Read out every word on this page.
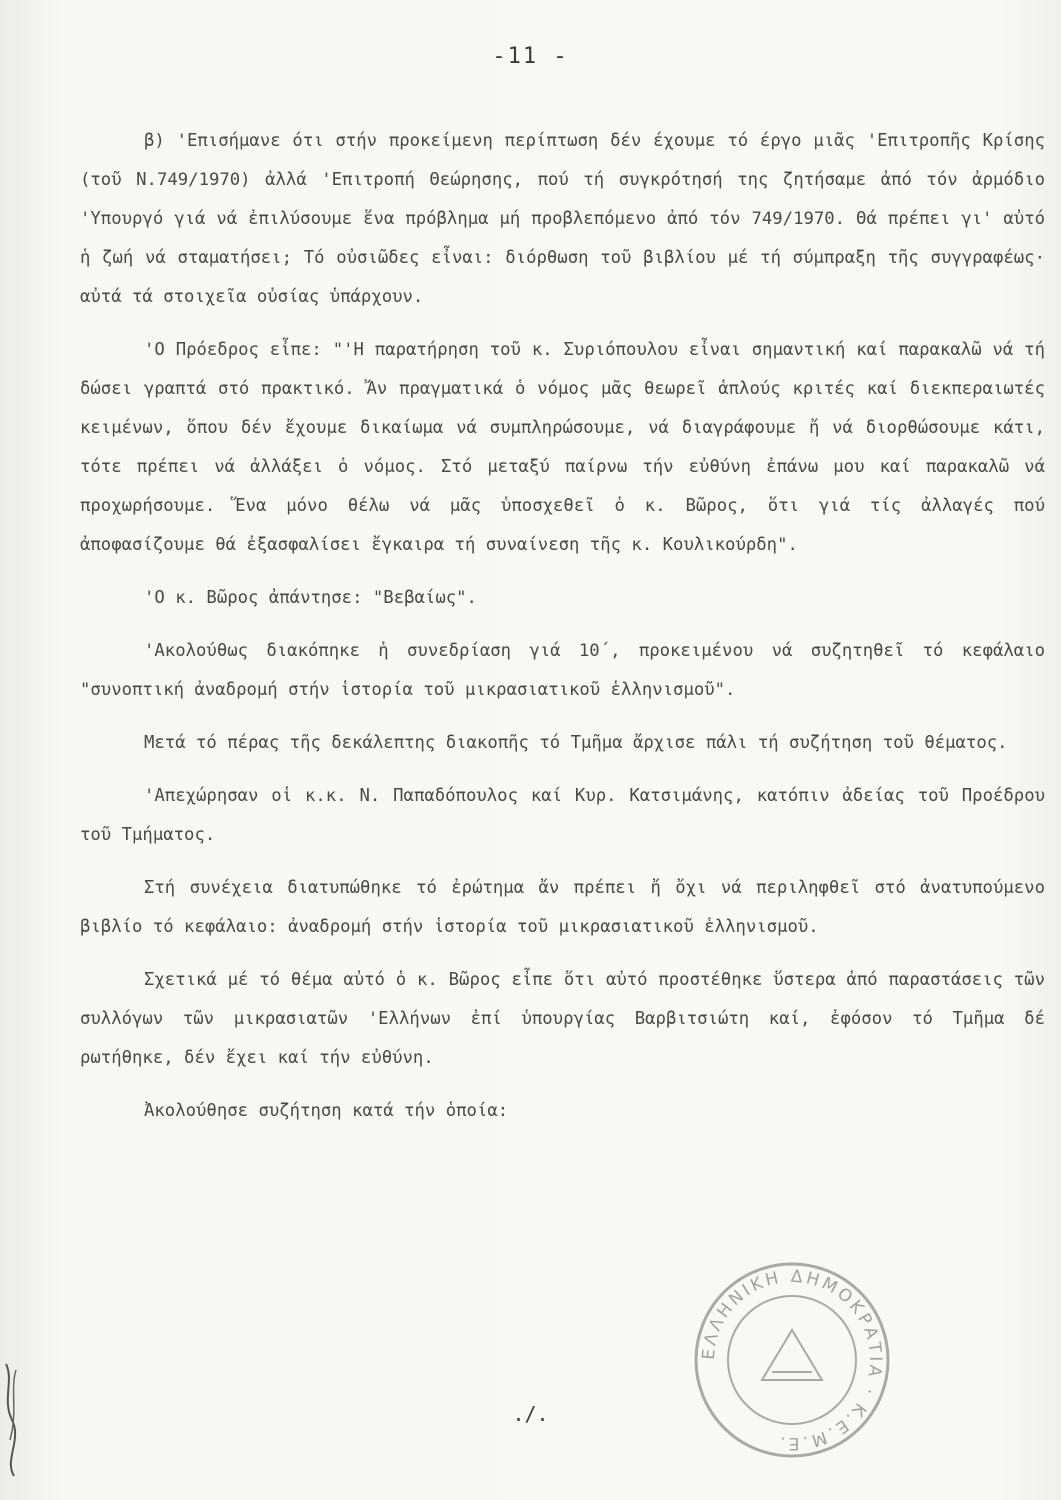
-11 -

β) 'Επισήμανε ότι στήν προκείμενη περίπτωση δέν έχουμε τό έργο μιᾶς 'Επιτροπῆς Κρίσης (τοῦ Ν.749/1970) ἀλλά 'Επιτροπή Θεώρησης, πού τή συγκρότησή της ζητήσαμε ἀπό τόν ἀρμόδιο 'Υπουργό γιά νά ἐπιλύσουμε ἕνα πρόβλημα μή προβλεπόμενο ἀπό τόν 749/1970. Θά πρέπει γι' αὐτό ἡ ζωή νά σταματήσει; Τό οὐσιῶδες εἶναι: διόρθωση τοῦ βιβλίου μέ τή σύμπραξη τῆς συγγραφέως· αὐτά τά στοιχεῖα οὐσίας ὑπάρχουν.

'Ο Πρόεδρος εἶπε: "'Η παρατήρηση τοῦ κ. Συριόπουλου εἶναι σημαντική καί παρακαλῶ νά τή δώσει γραπτά στό πρακτικό. Ἄν πραγματικά ὁ νόμος μᾶς θεωρεῖ ἁπλούς κριτές καί διεκπεραιωτές κειμένων, ὅπου δέν ἔχουμε δικαίωμα νά συμπληρώσουμε, νά διαγράφουμε ἤ νά διορθώσουμε κάτι, τότε πρέπει νά ἀλλάξει ὁ νόμος. Στό μεταξύ παίρνω τήν εὐθύνη ἐπάνω μου καί παρακαλῶ νά προχωρήσουμε. Ἕνα μόνο θέλω νά μᾶς ὑποσχεθεῖ ὁ κ. Βῶρος, ὅτι γιά τίς ἀλλαγές πού ἀποφασίζουμε θά ἐξασφαλίσει ἔγκαιρα τή συναίνεση τῆς κ. Κουλικούρδη".

'Ο κ. Βῶρος ἀπάντησε: "Βεβαίως".

'Ακολούθως διακόπηκε ἡ συνεδρίαση γιά 10΄, προκειμένου νά συζητηθεῖ τό κεφάλαιο "συνοπτική ἀναδρομή στήν ἱστορία τοῦ μικρασιατικοῦ ἑλληνισμοῦ".

Μετά τό πέρας τῆς δεκάλεπτης διακοπῆς τό Τμῆμα ἄρχισε πάλι τή συζήτηση τοῦ θέματος.

'Απεχώρησαν οἱ κ.κ. Ν. Παπαδόπουλος καί Κυρ. Κατσιμάνης, κατόπιν ἀδείας τοῦ Προέδρου τοῦ Τμήματος.

Στή συνέχεια διατυπώθηκε τό ἐρώτημα ἄν πρέπει ἤ ὄχι νά περιληφθεῖ στό ἀνατυπούμενο βιβλίο τό κεφάλαιο: ἀναδρομή στήν ἱστορία τοῦ μικρασιατικοῦ ἑλληνισμοῦ.

Σχετικά μέ τό θέμα αὐτό ὁ κ. Βῶρος εἶπε ὅτι αὐτό προστέθηκε ὕστερα ἀπό παραστάσεις τῶν συλλόγων τῶν μικρασιατῶν 'Ελλήνων ἐπί ὑπουργίας Βαρβιτσιώτη καί, ἐφόσον τό Τμῆμα δέ ρωτήθηκε, δέν ἔχει καί τήν εὐθύνη.

Ἀκολούθησε συζήτηση κατά τήν ὁποία:

./.
ΕΛΛΗΝΙΚΗ ΔΗΜΟΚΡΑΤΙΑ · Κ.Ε.Μ.Ε.
